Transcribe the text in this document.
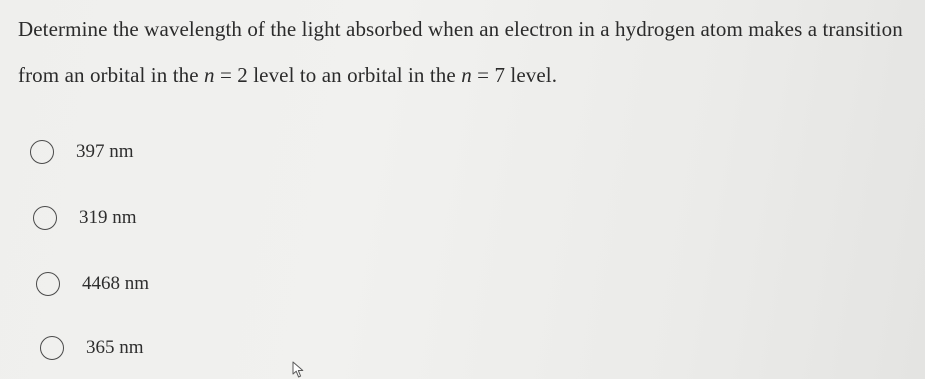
Determine the wavelength of the light absorbed when an electron in a hydrogen atom makes a transition from an orbital in the n = 2 level to an orbital in the n = 7 level.

397 nm
319 nm
4468 nm
365 nm
